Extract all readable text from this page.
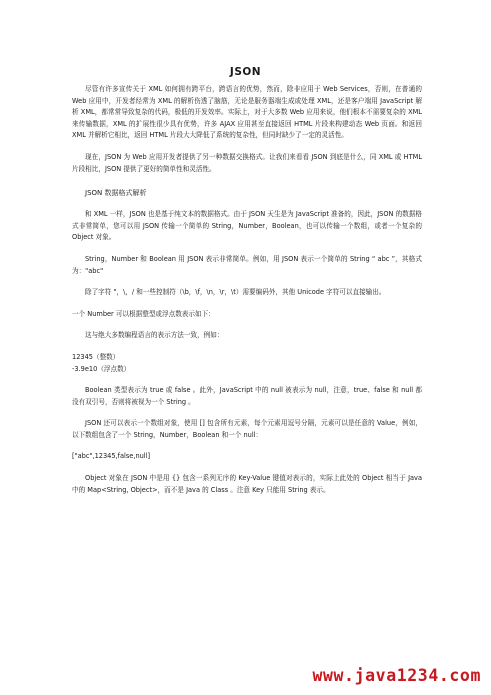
JSON

尽管有许多宣传关于 XML 如何拥有跨平台，跨语言的优势，然而，除非应用于 Web Services，否则，在普通的 Web 应用中，开发者经常为 XML 的解析伤透了脑筋，无论是服务器端生成或处理 XML，还是客户端用 JavaScript 解析 XML，都常常导致复杂的代码，极低的开发效率。实际上，对于大多数 Web 应用来说，他们根本不需要复杂的 XML 来传输数据，XML 的扩展性很少具有优势，许多 AJAX 应用甚至直接返回 HTML 片段来构建动态 Web 页面。和返回 XML 并解析它相比，返回 HTML 片段大大降低了系统的复杂性，但同时缺少了一定的灵活性。

现在，JSON 为 Web 应用开发者提供了另一种数据交换格式。让我们来看看 JSON 到底是什么，同 XML 或 HTML 片段相比，JSON 提供了更好的简单性和灵活性。

JSON 数据格式解析

和 XML 一样，JSON 也是基于纯文本的数据格式。由于 JSON 天生是为 JavaScript 准备的，因此，JSON 的数据格式非常简单，您可以用 JSON 传输一个简单的 String，Number，Boolean，也可以传输一个数组，或者一个复杂的 Object 对象。

String，Number 和 Boolean 用 JSON 表示非常简单。例如，用 JSON 表示一个简单的 String “ abc ”，其格式为："abc"

除了字符 "，\，/ 和一些控制符（\b，\f，\n，\r，\t）需要编码外，其他 Unicode 字符可以直接输出。

一个 Number 可以根据整型或浮点数表示如下：

这与绝大多数编程语言的表示方法一致，例如：

12345（整数）

-3.9e10（浮点数）

Boolean 类型表示为 true 或 false 。此外，JavaScript 中的 null 被表示为 null，注意，true、false 和 null 都没有双引号，否则将被视为一个 String 。

JSON 还可以表示一个数组对象，使用 [] 包含所有元素，每个元素用逗号分隔，元素可以是任意的 Value，例如，以下数组包含了一个 String，Number，Boolean 和一个 null：

["abc",12345,false,null]

Object 对象在 JSON 中是用 {} 包含一系列无序的 Key-Value 键值对表示的，实际上此处的 Object 相当于 Java 中的 Map<String, Object>，而不是 Java 的 Class 。注意 Key 只能用 String 表示。

www.java1234.com
